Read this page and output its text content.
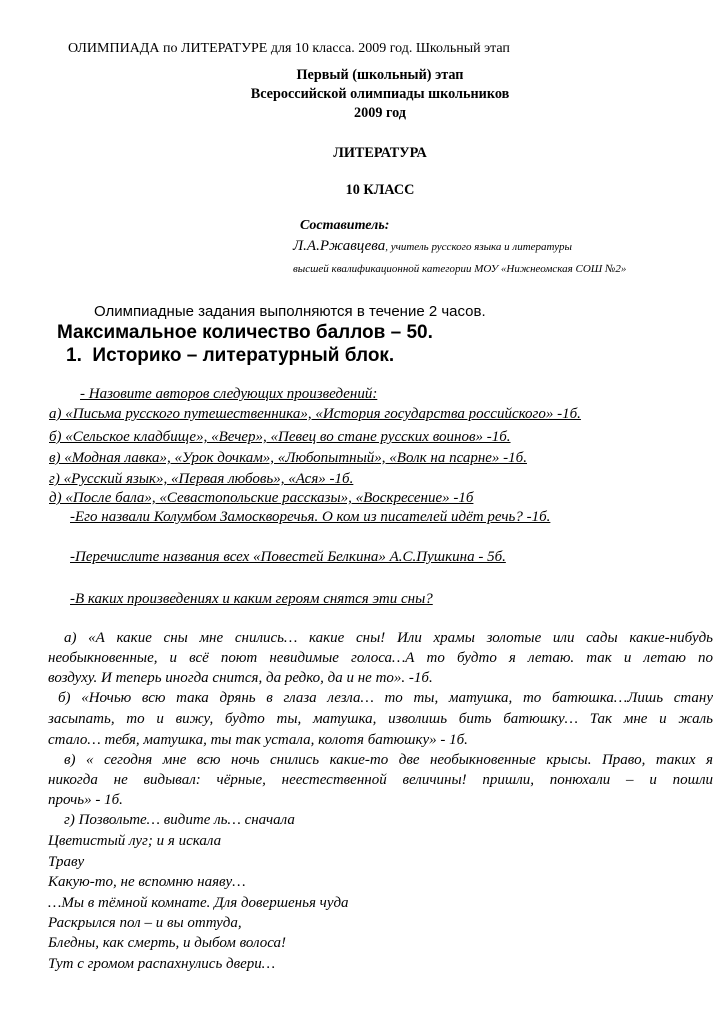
ОЛИМПИАДА по ЛИТЕРАТУРЕ для 10 класса. 2009 год. Школьный этап
Первый (школьный) этап
Всероссийской олимпиады школьников
2009 год
ЛИТЕРАТУРА
10 КЛАСС
Составитель:
Л.А.Ржавцева, учитель русского языка и литературы
высшей квалификационной категории МОУ «Нижнеомская СОШ №2»
Олимпиадные задания выполняются в течение 2 часов.
Максимальное количество баллов – 50.
1. Историко – литературный блок.
- Назовите авторов следующих произведений:
а) «Письма русского путешественника», «История государства российского» -1б.
б) «Сельское кладбище», «Вечер», «Певец во стане русских воинов» -1б.
в) «Модная лавка», «Урок дочкам», «Любопытный», «Волк на псарне» -1б.
г) «Русский язык», «Первая любовь», «Ася» -1б.
д) «После бала», «Севастопольские рассказы», «Воскресение» -1б
-Его назвали Колумбом Замоскворечья. О ком из писателей идёт речь? -1б.
-Перечислите названия всех «Повестей Белкина» А.С.Пушкина - 5б.
-В каких произведениях и каким героям снятся эти сны?
а) «А какие сны мне снились… какие сны! Или храмы золотые или сады какие-нибудь
необыкновенные, и всё поют невидимые голоса…А то будто я летаю. так и летаю по
воздуху. И теперь иногда снится, да редко, да и не то». -1б.
б) «Ночью всю така дрянь в глаза лезла… то ты, матушка, то батюшка…Лишь стану
засыпать, то и вижу, будто ты, матушка, изволишь бить батюшку… Так мне и жаль
стало… тебя, матушка, ты так устала, колотя батюшку» - 1б.
в) « сегодня мне всю ночь снились какие-то две необыкновенные крысы. Право, таких я
никогда не видывал: чёрные, неестественной величины! пришли, понюхали – и пошли
прочь» - 1б.
г) Позвольте… видите ль… сначала
Цветистый луг; и я искала
Траву
Какую-то, не вспомню наяву…
…Мы в тёмной комнате. Для довершенья чуда
Раскрылся пол – и вы оттуда,
Бледны, как смерть, и дыбом волоса!
Тут с громом распахнулись двери…
